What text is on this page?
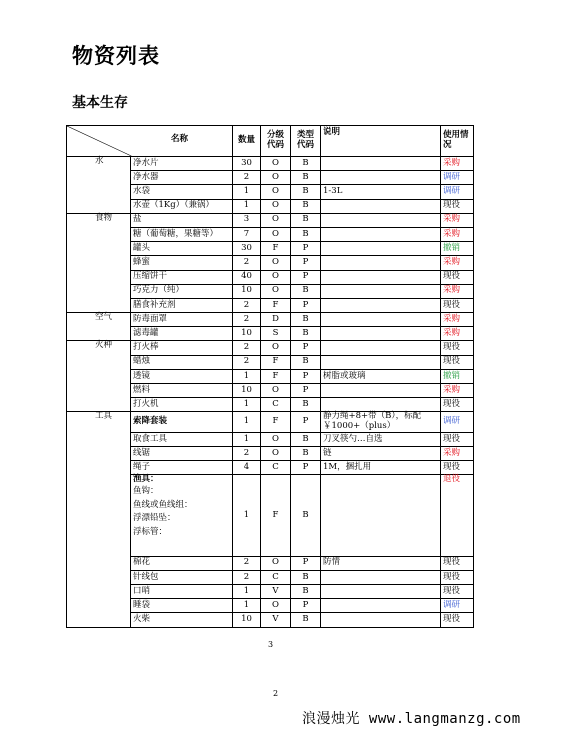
物资列表
基本生存
名称		数量	分级代码	类型代码	说明	使用情况
水	净水片	30	O	B		采购
	净水器	2	O	B		调研
	水袋	1	O	B	1-3L	调研
	水壶（1Kg）（兼锅）	1	O	B		现役
食物	盐	3	O	B		采购
	糖（葡萄糖，果糖等）	7	O	B		采购
	罐头	30	F	P		撤销
	蜂蜜	2	O	P		采购
	压缩饼干	40	O	P		现役
	巧克力（纯）	10	O	B		采购
	膳食补充剂	2	F	P		现役
空气	防毒面罩	2	D	B		采购
	滤毒罐	10	S	B		采购
火种	打火棒	2	O	P		现役
	蜡烛	2	F	B		现役
	透镜	1	F	P	树脂或玻璃	撤销
	燃料	10	O	P		采购
	打火机	1	C	B		现役
工具	索降套装	1	F	P	静力绳+8+带（B），标配￥1000+（plus）	调研
	取食工具	1	O	B	刀叉筷勺…自选	现役
	线锯	2	O	B	链	采购
	绳子	4	C	P	1M，捆扎用	现役

	渔具：
鱼钩：
鱼线或鱼线组：
浮漂铅坠：
浮标管：	1	F	B		退役
	棉花	2	O	P	防情	现役
	针线包	2	C	B		现役
	口哨	1	V	B		现役
	睡袋	1	O	P		调研
	火柴	10	V	B		现役
3
2
浪漫烛光 www.langmanzg.com
